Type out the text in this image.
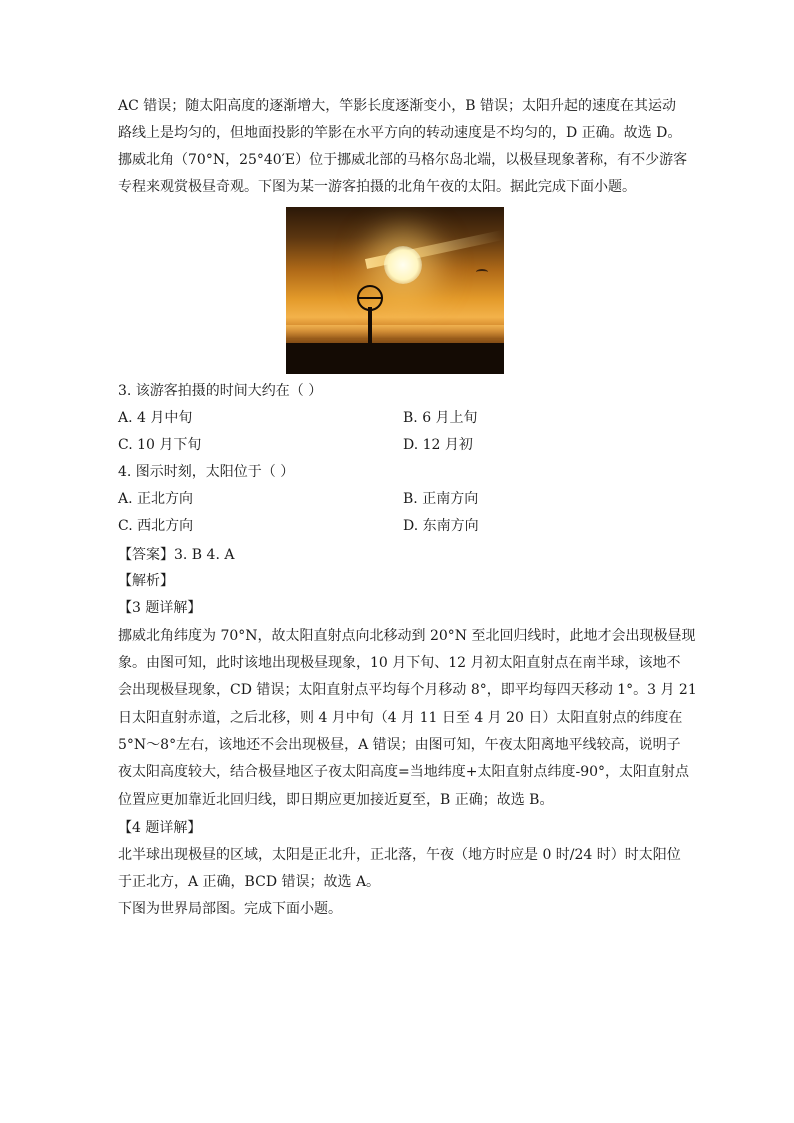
AC 错误；随太阳高度的逐渐增大，竿影长度逐渐变小，B 错误；太阳升起的速度在其运动
路线上是均匀的，但地面投影的竿影在水平方向的转动速度是不均匀的，D 正确。故选 D。
挪威北角（70°N，25°40′E）位于挪威北部的马格尔岛北端，以极昼现象著称，有不少游客
专程来观赏极昼奇观。下图为某一游客拍摄的北角午夜的太阳。据此完成下面小题。
3. 该游客拍摄的时间大约在（ ）
A. 4 月中旬	B. 6 月上旬
C. 10 月下旬	D. 12 月初
4. 图示时刻，太阳位于（ ）
A. 正北方向	B. 正南方向
C. 西北方向	D. 东南方向
【答案】3. B 4. A
【解析】
【3 题详解】
挪威北角纬度为 70°N，故太阳直射点向北移动到 20°N 至北回归线时，此地才会出现极昼现
象。由图可知，此时该地出现极昼现象，10 月下旬、12 月初太阳直射点在南半球，该地不
会出现极昼现象，CD 错误；太阳直射点平均每个月移动 8°，即平均每四天移动 1°。3 月 21
日太阳直射赤道，之后北移，则 4 月中旬（4 月 11 日至 4 月 20 日）太阳直射点的纬度在
5°N～8°左右，该地还不会出现极昼，A 错误；由图可知，午夜太阳离地平线较高，说明子
夜太阳高度较大，结合极昼地区子夜太阳高度=当地纬度+太阳直射点纬度-90°，太阳直射点
位置应更加靠近北回归线，即日期应更加接近夏至，B 正确；故选 B。
【4 题详解】
北半球出现极昼的区域，太阳是正北升，正北落，午夜（地方时应是 0 时/24 时）时太阳位
于正北方，A 正确，BCD 错误；故选 A。
下图为世界局部图。完成下面小题。
